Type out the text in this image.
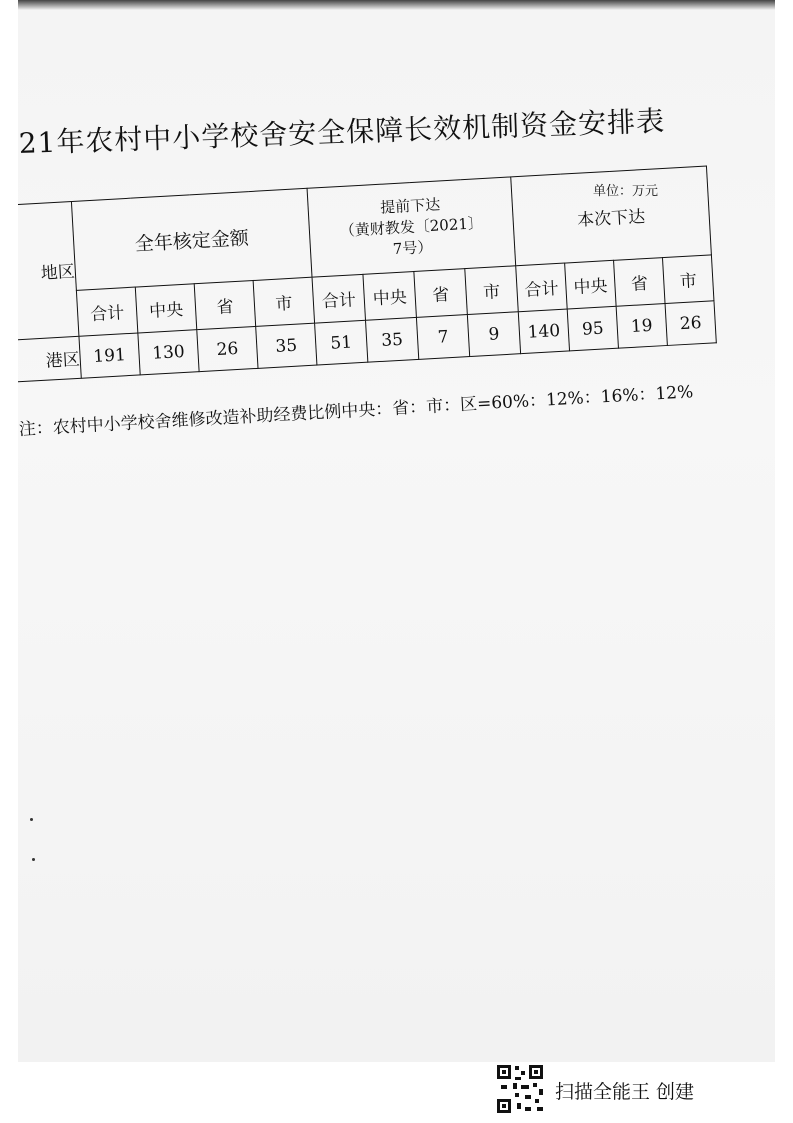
21年农村中小学校舍安全保障长效机制资金安排表
单位：万元
地区	全年核定金额				提前下达
（黄财教发〔2021〕
7号）				本次下达			
	合计	中央	省	市	合计	中央	省	市	合计	中央	省	市
港区	191	130	26	35	51	35	7	9	140	95	19	26
注：农村中小学校舍维修改造补助经费比例中央：省：市：区=60%：12%：16%：12%
扫描全能王 创建
